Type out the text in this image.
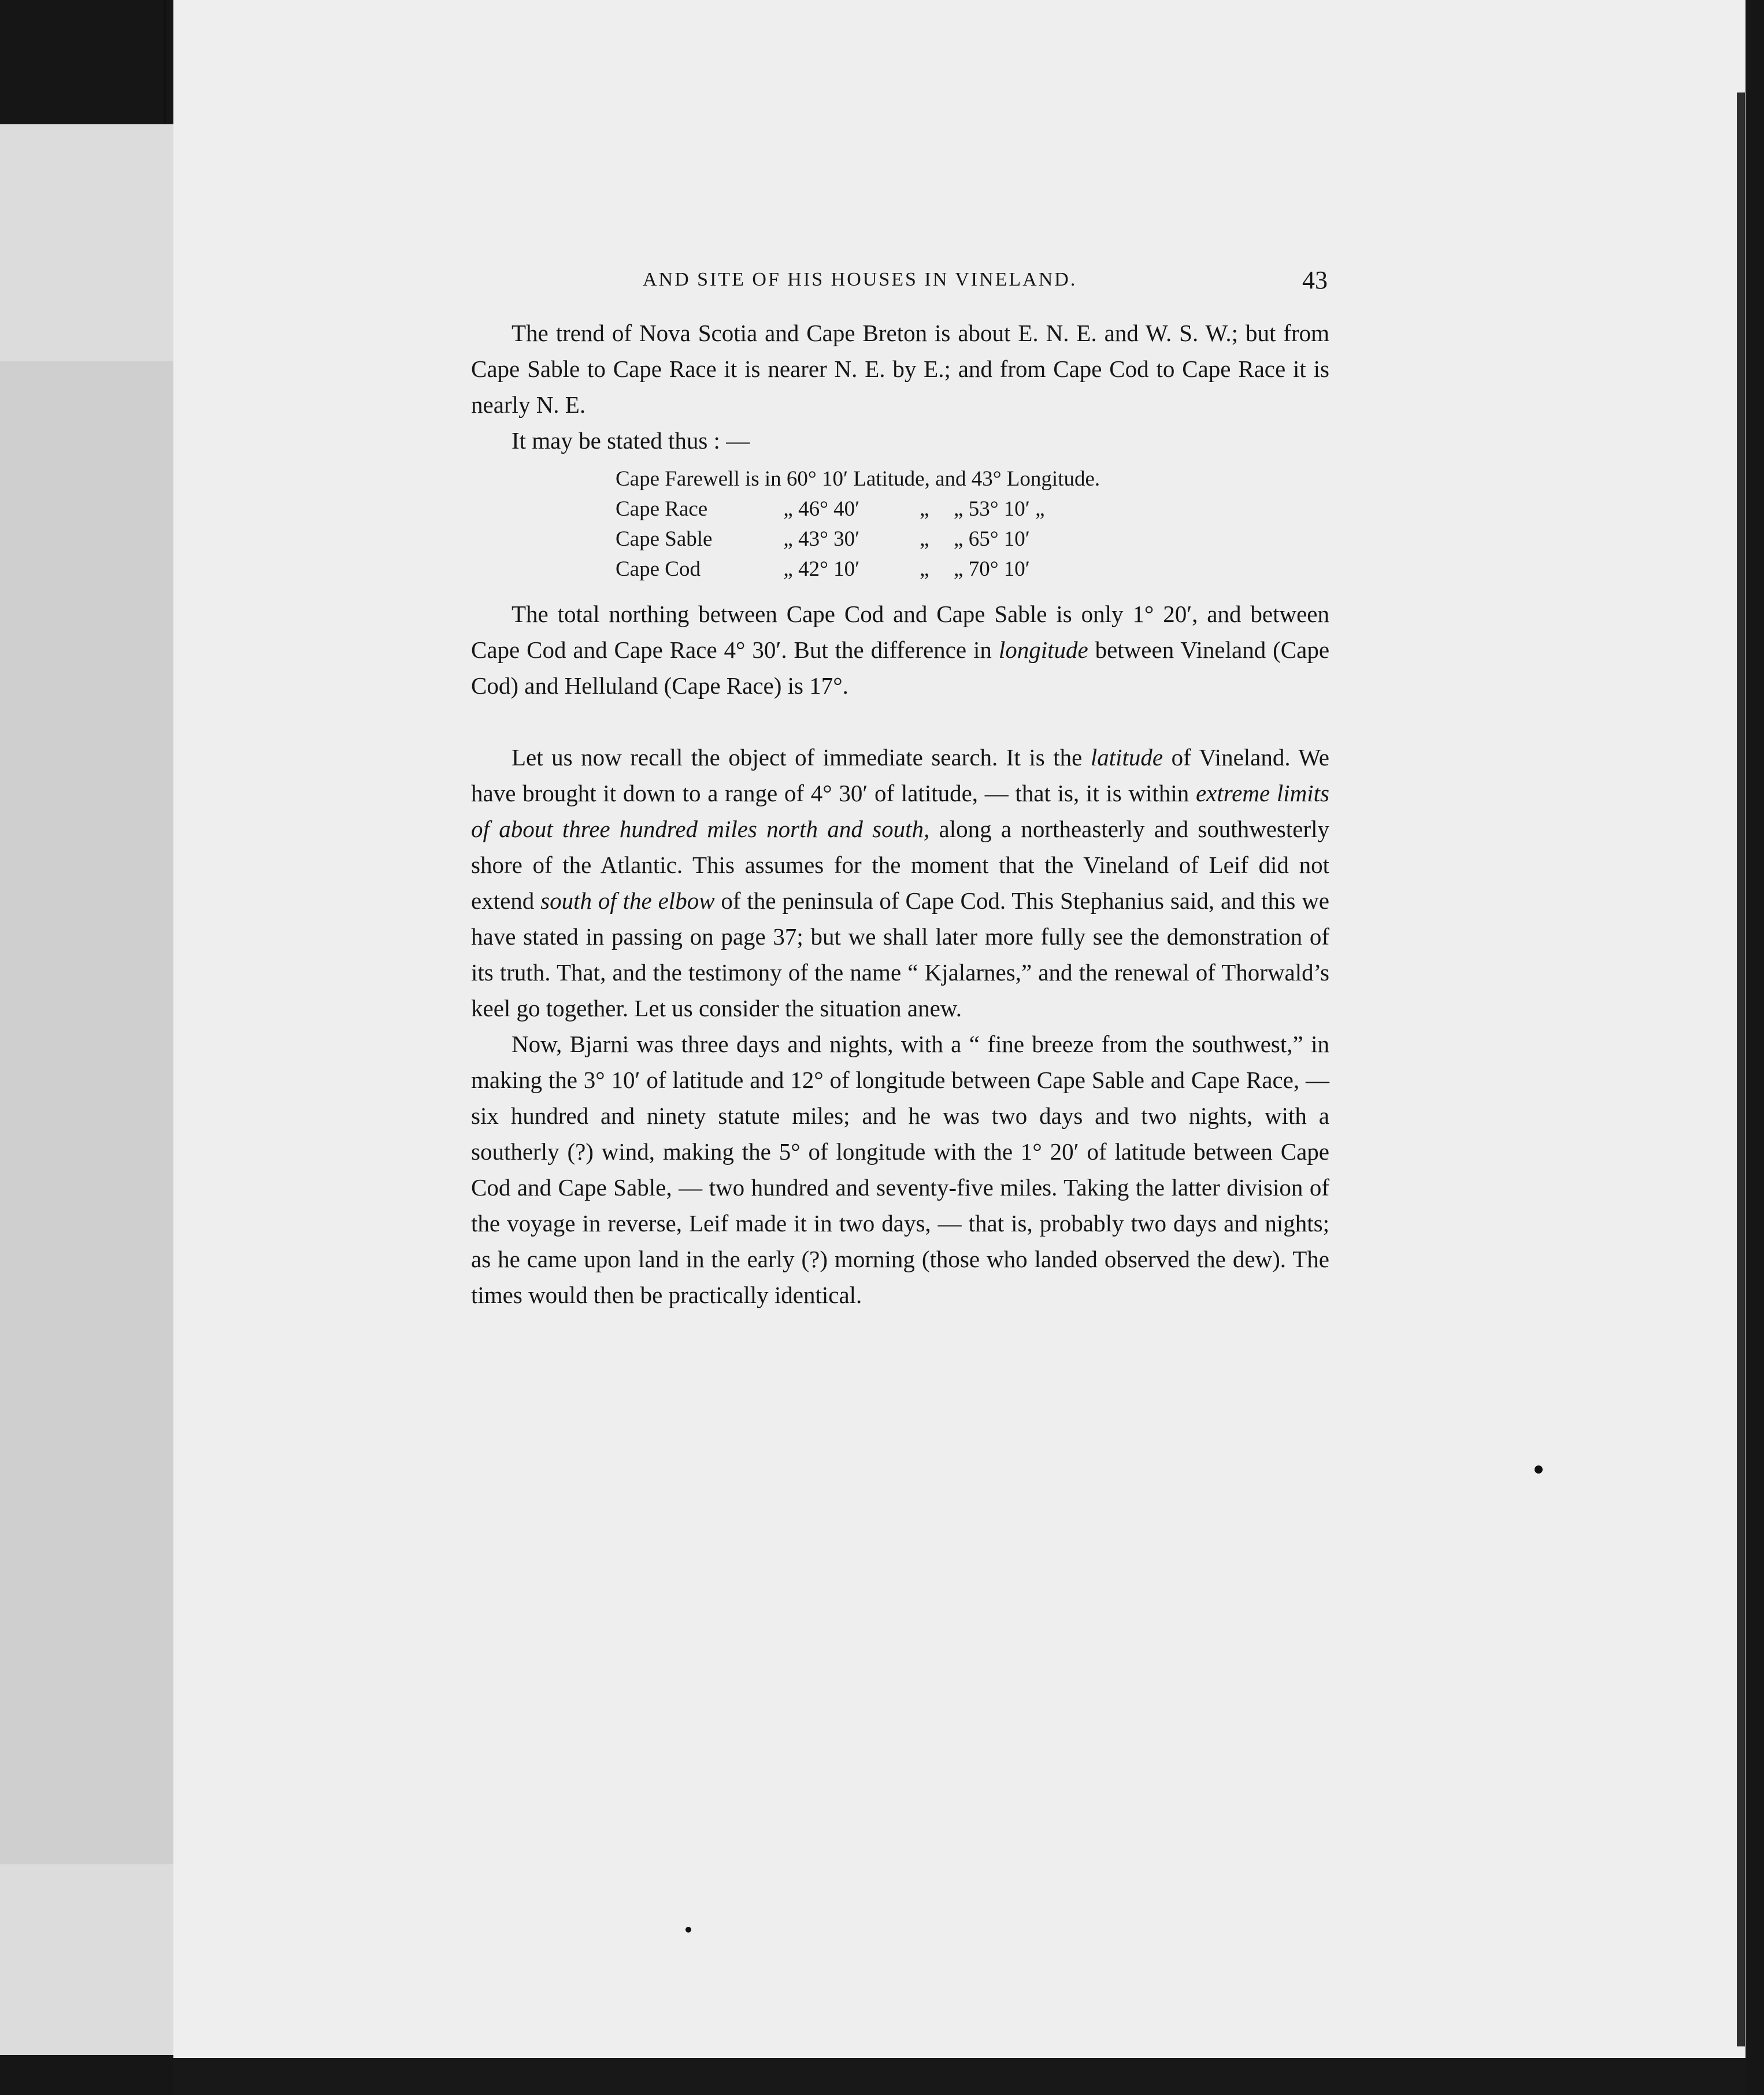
AND SITE OF HIS HOUSES IN VINELAND.	43

The trend of Nova Scotia and Cape Breton is about E. N. E. and W. S. W.; but from Cape Sable to Cape Race it is nearer N. E. by E.; and from Cape Cod to Cape Race it is nearly N. E.

It may be stated thus : —

Cape Farewell is in 60° 10′ Latitude, and 43° Longitude.			
Cape Race	„ 46° 40′	„	„ 53° 10′ „
Cape Sable	„ 43° 30′	„	„ 65° 10′
Cape Cod	„ 42° 10′	„	„ 70° 10′

The total northing between Cape Cod and Cape Sable is only 1° 20′, and between Cape Cod and Cape Race 4° 30′. But the difference in longitude between Vineland (Cape Cod) and Helluland (Cape Race) is 17°.

Let us now recall the object of immediate search. It is the latitude of Vineland. We have brought it down to a range of 4° 30′ of latitude, — that is, it is within extreme limits of about three hundred miles north and south, along a northeasterly and southwesterly shore of the Atlantic. This assumes for the moment that the Vineland of Leif did not extend south of the elbow of the peninsula of Cape Cod. This Stephanius said, and this we have stated in passing on page 37; but we shall later more fully see the demonstration of its truth. That, and the testimony of the name “ Kjalarnes,” and the renewal of Thorwald’s keel go together. Let us consider the situation anew.

Now, Bjarni was three days and nights, with a “ fine breeze from the southwest,” in making the 3° 10′ of latitude and 12° of longitude between Cape Sable and Cape Race, — six hundred and ninety statute miles; and he was two days and two nights, with a southerly (?) wind, making the 5° of longitude with the 1° 20′ of latitude between Cape Cod and Cape Sable, — two hundred and seventy-five miles. Taking the latter division of the voyage in reverse, Leif made it in two days, — that is, probably two days and nights; as he came upon land in the early (?) morning (those who landed observed the dew). The times would then be practically identical.
